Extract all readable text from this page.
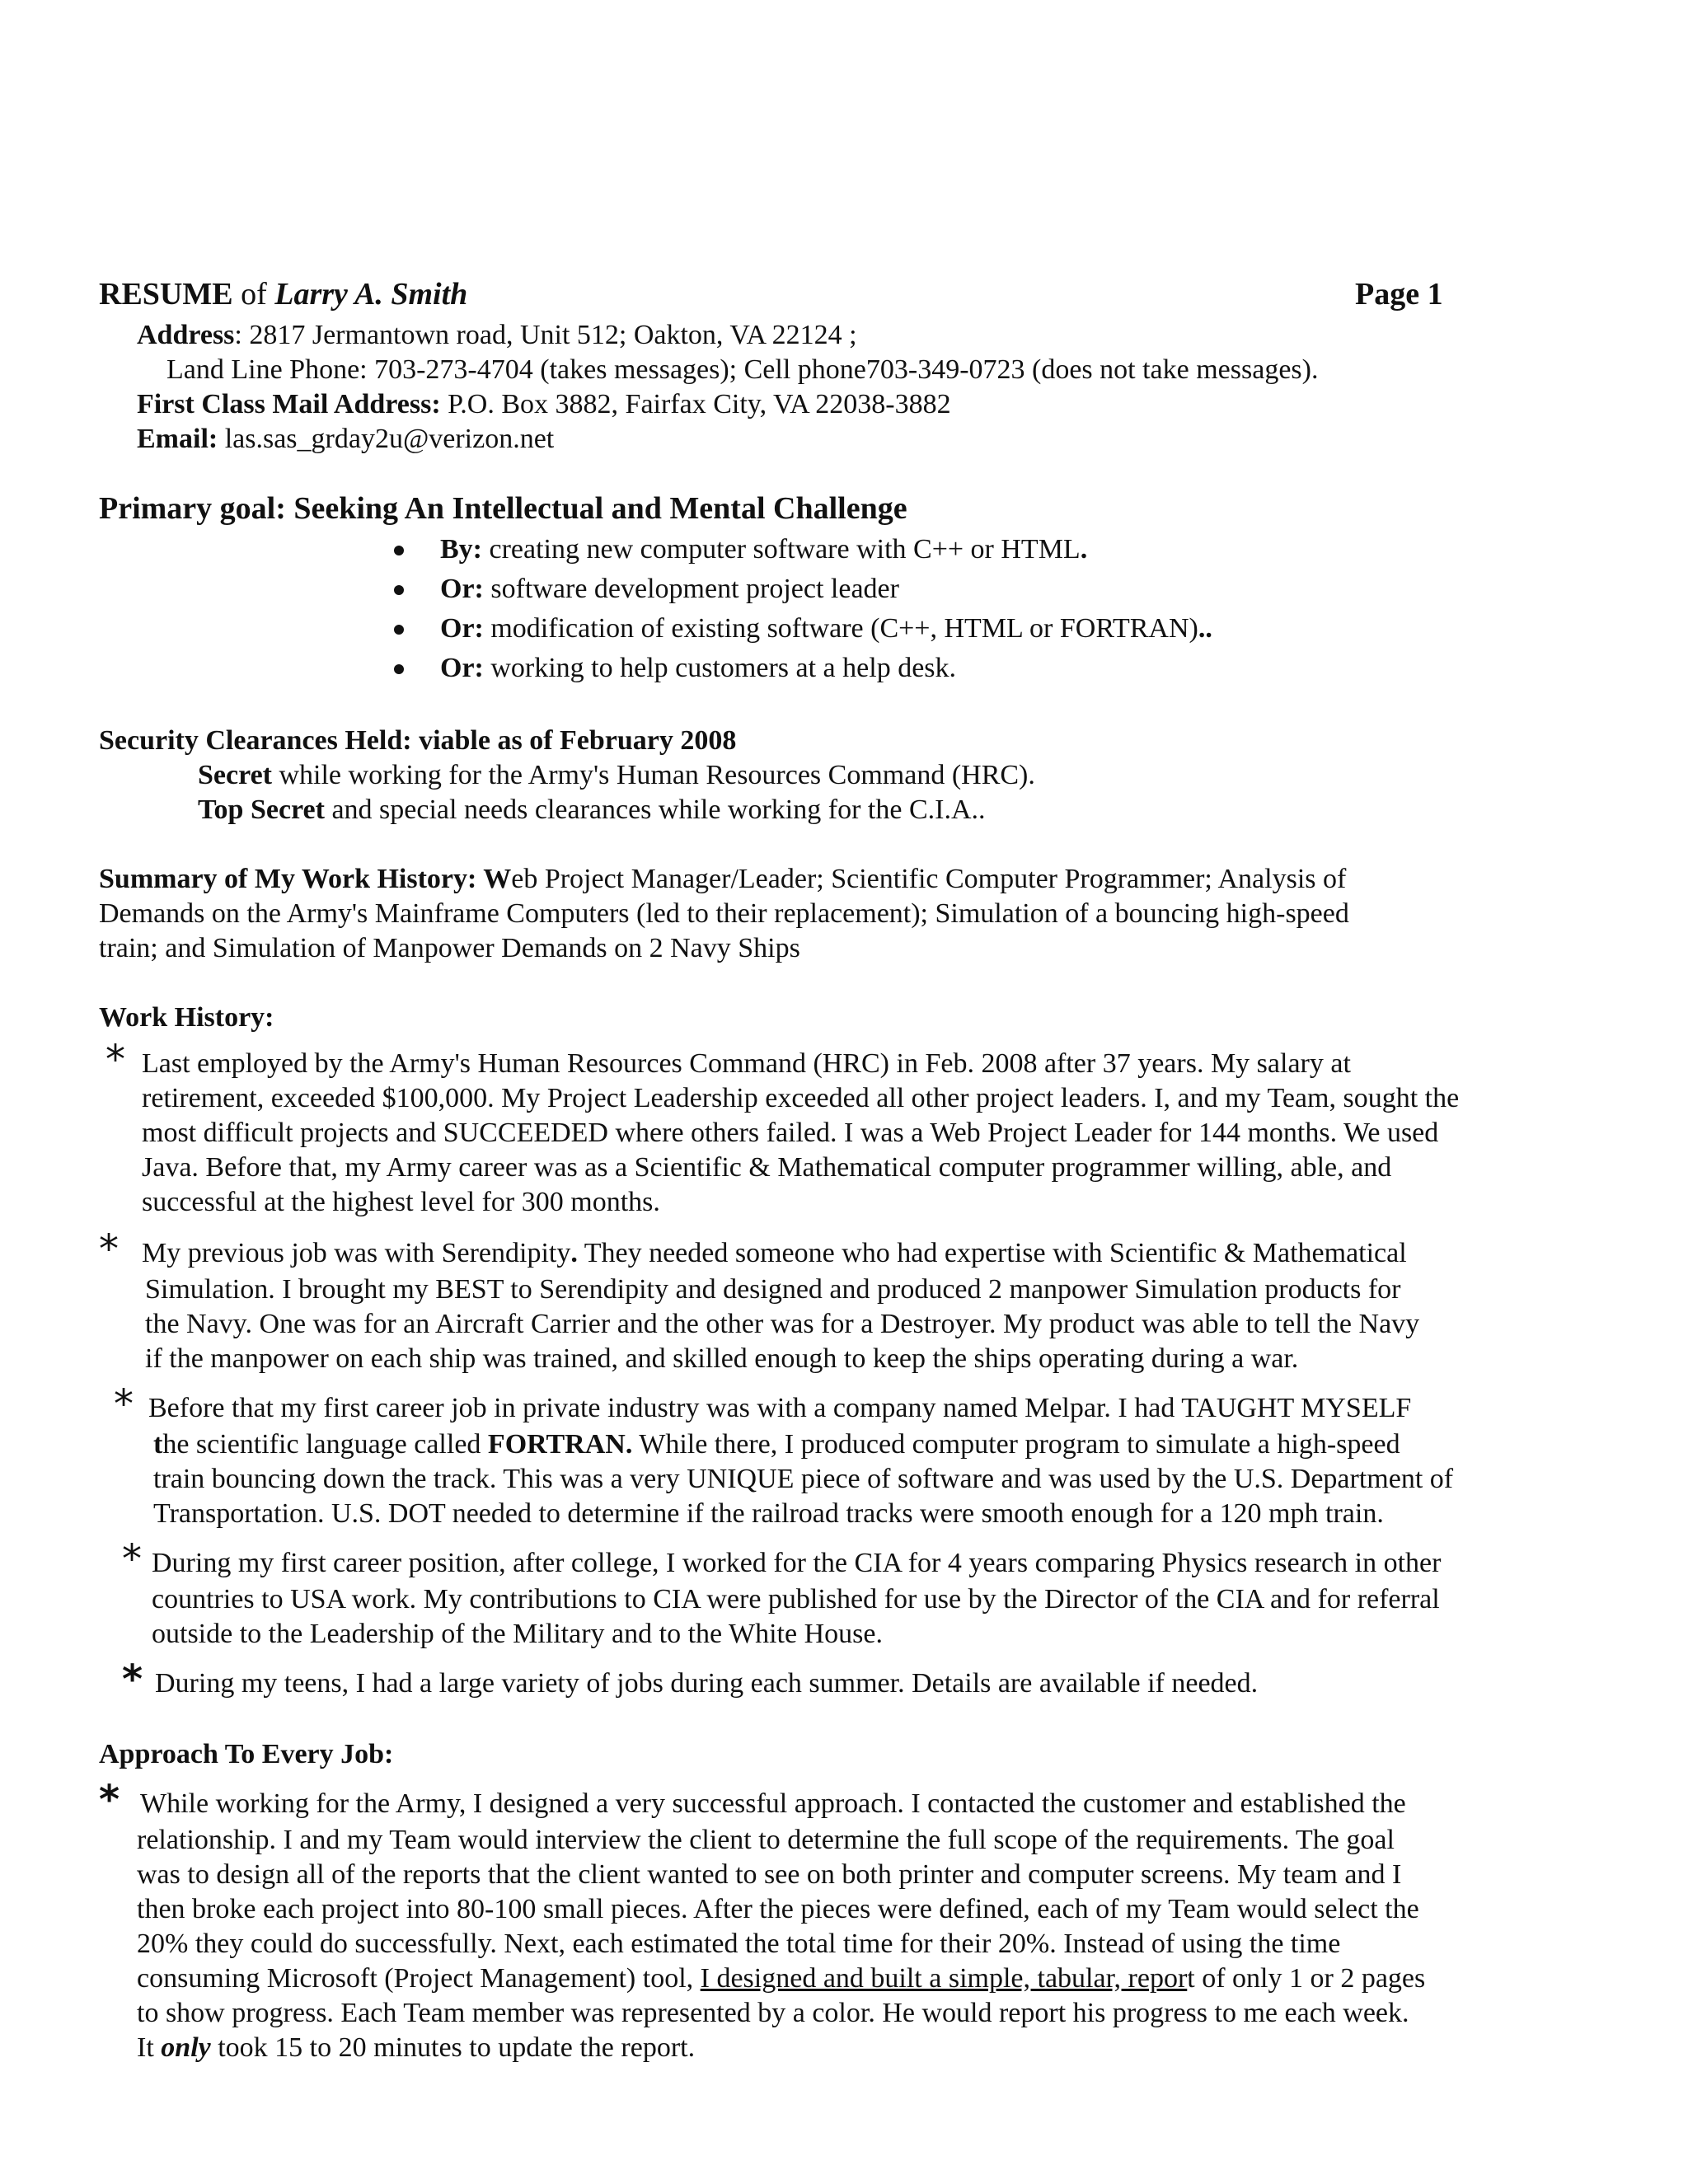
RESUME of Larry A. Smith	Page 1
Address: 2817 Jermantown road, Unit 512; Oakton, VA 22124 ;
Land Line Phone: 703-273-4704 (takes messages); Cell phone703-349-0723 (does not take messages).
First Class Mail Address: P.O. Box 3882, Fairfax City, VA 22038-3882
Email: las.sas_grday2u@verizon.net
Primary goal: Seeking An Intellectual and Mental Challenge
By: creating new computer software with C++ or HTML.
Or: software development project leader
Or: modification of existing software (C++, HTML or FORTRAN)..
Or: working to help customers at a help desk.
Security Clearances Held: viable as of February 2008
Secret while working for the Army's Human Resources Command (HRC).
Top Secret and special needs clearances while working for the C.I.A..
Summary of My Work History: Web Project Manager/Leader; Scientific Computer Programmer; Analysis of
Demands on the Army's Mainframe Computers (led to their replacement); Simulation of a bouncing high-speed
train; and Simulation of Manpower Demands on 2 Navy Ships
Work History:
* Last employed by the Army's Human Resources Command (HRC) in Feb. 2008 after 37 years. My salary at
retirement, exceeded $100,000. My Project Leadership exceeded all other project leaders. I, and my Team, sought the
most difficult projects and SUCCEEDED where others failed. I was a Web Project Leader for 144 months. We used
Java. Before that, my Army career was as a Scientific & Mathematical computer programmer willing, able, and
successful at the highest level for 300 months.
* My previous job was with Serendipity. They needed someone who had expertise with Scientific & Mathematical
Simulation. I brought my BEST to Serendipity and designed and produced 2 manpower Simulation products for
the Navy. One was for an Aircraft Carrier and the other was for a Destroyer. My product was able to tell the Navy
if the manpower on each ship was trained, and skilled enough to keep the ships operating during a war.
* Before that my first career job in private industry was with a company named Melpar. I had TAUGHT MYSELF
the scientific language called FORTRAN. While there, I produced computer program to simulate a high-speed
train bouncing down the track. This was a very UNIQUE piece of software and was used by the U.S. Department of
Transportation. U.S. DOT needed to determine if the railroad tracks were smooth enough for a 120 mph train.
* During my first career position, after college, I worked for the CIA for 4 years comparing Physics research in other
countries to USA work. My contributions to CIA were published for use by the Director of the CIA and for referral
outside to the Leadership of the Military and to the White House.
* During my teens, I had a large variety of jobs during each summer. Details are available if needed.
Approach To Every Job:
* While working for the Army, I designed a very successful approach. I contacted the customer and established the
relationship. I and my Team would interview the client to determine the full scope of the requirements. The goal
was to design all of the reports that the client wanted to see on both printer and computer screens. My team and I
then broke each project into 80-100 small pieces. After the pieces were defined, each of my Team would select the
20% they could do successfully. Next, each estimated the total time for their 20%. Instead of using the time
consuming Microsoft (Project Management) tool, I designed and built a simple, tabular, report of only 1 or 2 pages
to show progress. Each Team member was represented by a color. He would report his progress to me each week.
It only took 15 to 20 minutes to update the report.
